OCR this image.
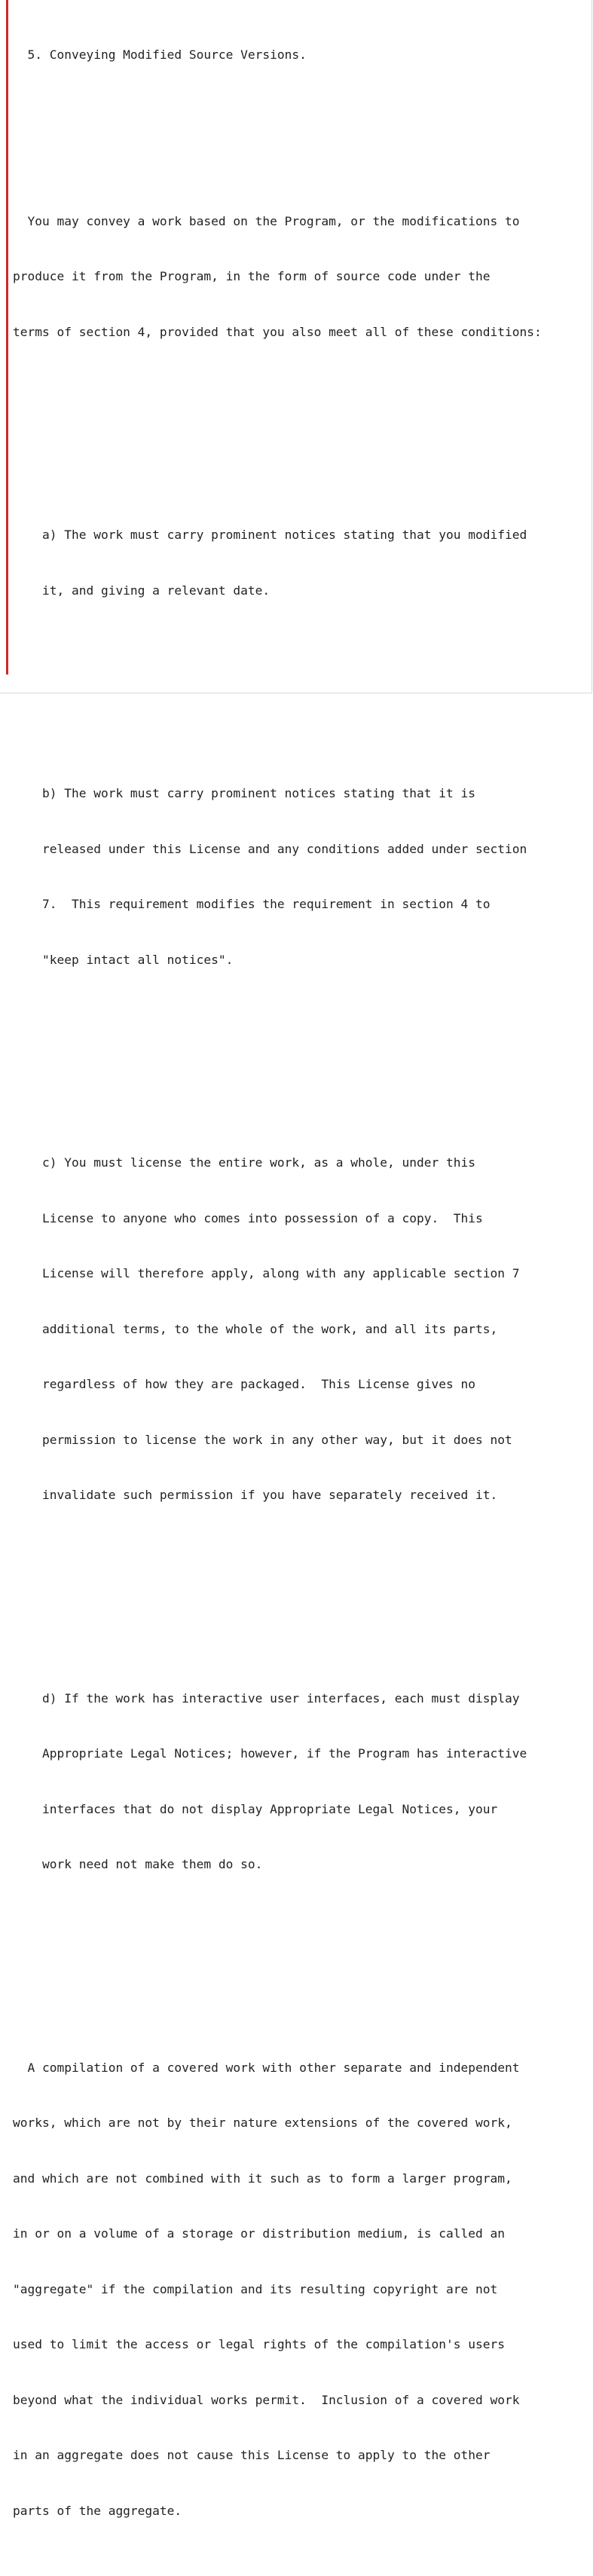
5. Conveying Modified Source Versions.

You may convey a work based on the Program, or the modifications to

produce it from the Program, in the form of source code under the

terms of section 4, provided that you also meet all of these conditions:

a) The work must carry prominent notices stating that you modified

it, and giving a relevant date.

b) The work must carry prominent notices stating that it is

released under this License and any conditions added under section

7.  This requirement modifies the requirement in section 4 to

"keep intact all notices".

c) You must license the entire work, as a whole, under this

License to anyone who comes into possession of a copy.  This

License will therefore apply, along with any applicable section 7

additional terms, to the whole of the work, and all its parts,

regardless of how they are packaged.  This License gives no

permission to license the work in any other way, but it does not

invalidate such permission if you have separately received it.

d) If the work has interactive user interfaces, each must display

Appropriate Legal Notices; however, if the Program has interactive

interfaces that do not display Appropriate Legal Notices, your

work need not make them do so.

A compilation of a covered work with other separate and independent

works, which are not by their nature extensions of the covered work,

and which are not combined with it such as to form a larger program,

in or on a volume of a storage or distribution medium, is called an

"aggregate" if the compilation and its resulting copyright are not

used to limit the access or legal rights of the compilation's users

beyond what the individual works permit.  Inclusion of a covered work

in an aggregate does not cause this License to apply to the other

parts of the aggregate.
